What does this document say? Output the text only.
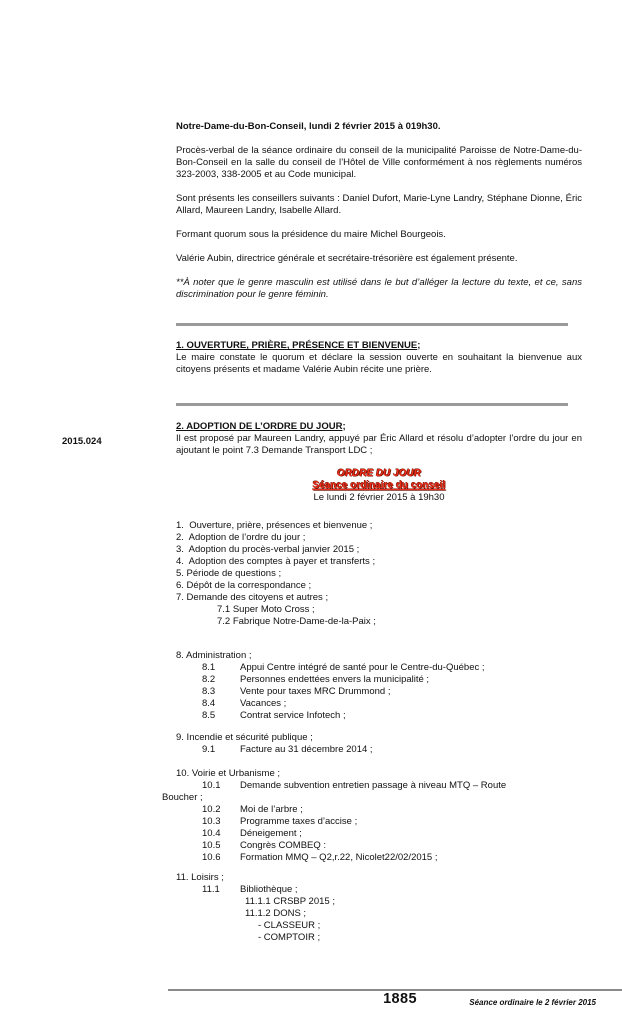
2015.024
Notre-Dame-du-Bon-Conseil, lundi 2 février 2015 à 019h30.
Procès-verbal de la séance ordinaire du conseil de la municipalité Paroisse de Notre-Dame-du-Bon-Conseil en la salle du conseil de l’Hôtel de Ville conformément à nos règlements numéros 323-2003, 338-2005 et au Code municipal.
Sont présents les conseillers suivants : Daniel Dufort, Marie-Lyne Landry, Stéphane Dionne, Éric Allard, Maureen Landry, Isabelle Allard.
Formant quorum sous la présidence du maire Michel Bourgeois.
Valérie Aubin, directrice générale et secrétaire-trésorière est également présente.
**À noter que le genre masculin est utilisé dans le but d’alléger la lecture du texte, et ce, sans discrimination pour le genre féminin.
1. OUVERTURE, PRIÈRE, PRÉSENCE ET BIENVENUE;
Le maire constate le quorum et déclare la session ouverte en souhaitant la bienvenue aux citoyens présents et madame Valérie Aubin récite une prière.
2. ADOPTION DE L’ORDRE DU JOUR;
Il est proposé par Maureen Landry, appuyé par Éric Allard et résolu d’adopter l’ordre du jour en ajoutant le point 7.3 Demande Transport LDC ;
ORDRE DU JOUR
Séance ordinaire du conseil
Le lundi 2 février 2015 à 19h30
1.  Ouverture, prière, présences et bienvenue ;
2.  Adoption de l’ordre du jour ;
3.  Adoption du procès-verbal janvier 2015 ;
4.  Adoption des comptes à payer et transferts ;
5. Période de questions ;
6. Dépôt de la correspondance ;
7. Demande des citoyens et autres ;
7.1 Super Moto Cross ;
7.2 Fabrique Notre-Dame-de-la-Paix ;
8. Administration ;
8.1	Appui Centre intégré de santé pour le Centre-du-Québec ;
8.2	Personnes endettées envers la municipalité ;
8.3	Vente pour taxes MRC Drummond ;
8.4	Vacances ;
8.5	Contrat service Infotech ;
9. Incendie et sécurité publique ;
9.1	Facture au 31 décembre 2014 ;
10. Voirie et Urbanisme ;
10.1 Demande subvention entretien passage à niveau MTQ – Route
Boucher ;
10.2 Moi de l’arbre ;
10.3 Programme taxes d’accise ;
10.4 Déneigement ;
10.5 Congrès COMBEQ :
10.6 Formation MMQ – Q2,r.22, Nicolet22/02/2015 ;
11. Loisirs ;
11.1 Bibliothèque ;
11.1.1 CRSBP 2015 ;
11.1.2 DONS ;
- CLASSEUR ;
- COMPTOIR ;
1885	Séance ordinaire le 2 février 2015
